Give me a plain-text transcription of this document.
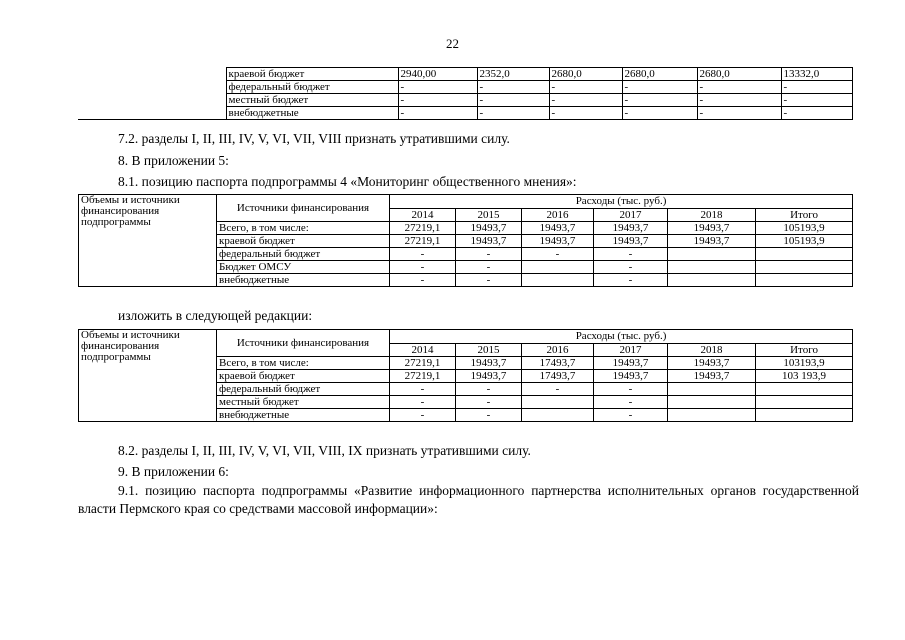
22
	краевой бюджет	2940,00	2352,0	2680,0	2680,0	2680,0	13332,0
	федеральный бюджет	-	-	-	-	-	-
	местный бюджет	-	-	-	-	-	-
	внебюджетные	-	-	-	-	-	-
7.2. разделы I, II, III, IV, V, VI, VII, VIII признать утратившими силу.
8. В приложении 5:
8.1. позицию паспорта подпрограммы 4 «Мониторинг общественного мнения»:
Объемы и источники финансирования подпрограммы	Источники финансирования	Расходы (тыс. руб.)					
		2014	2015	2016	2017	2018	Итого
	Всего, в том числе:	27219,1	19493,7	19493,7	19493,7	19493,7	105193,9
	краевой бюджет	27219,1	19493,7	19493,7	19493,7	19493,7	105193,9
	федеральный бюджет	-	-	-	-		
	Бюджет ОМСУ	-	-		-		
	внебюджетные	-	-		-		
изложить в следующей редакции:
Объемы и источники финансирования подпрограммы	Источники финансирования	Расходы (тыс. руб.)					
		2014	2015	2016	2017	2018	Итого
	Всего, в том числе:	27219,1	19493,7	17493,7	19493,7	19493,7	103193,9
	краевой бюджет	27219,1	19493,7	17493,7	19493,7	19493,7	103 193,9
	федеральный бюджет	-	-	-	-		
	местный бюджет	-	-		-		
	внебюджетные	-	-		-		
8.2. разделы I, II, III, IV, V, VI, VII, VIII, IX признать утратившими силу.
9. В приложении 6:
9.1. позицию паспорта подпрограммы «Развитие информационного партнерства исполнительных органов государственной власти Пермского края со средствами массовой информации»:
